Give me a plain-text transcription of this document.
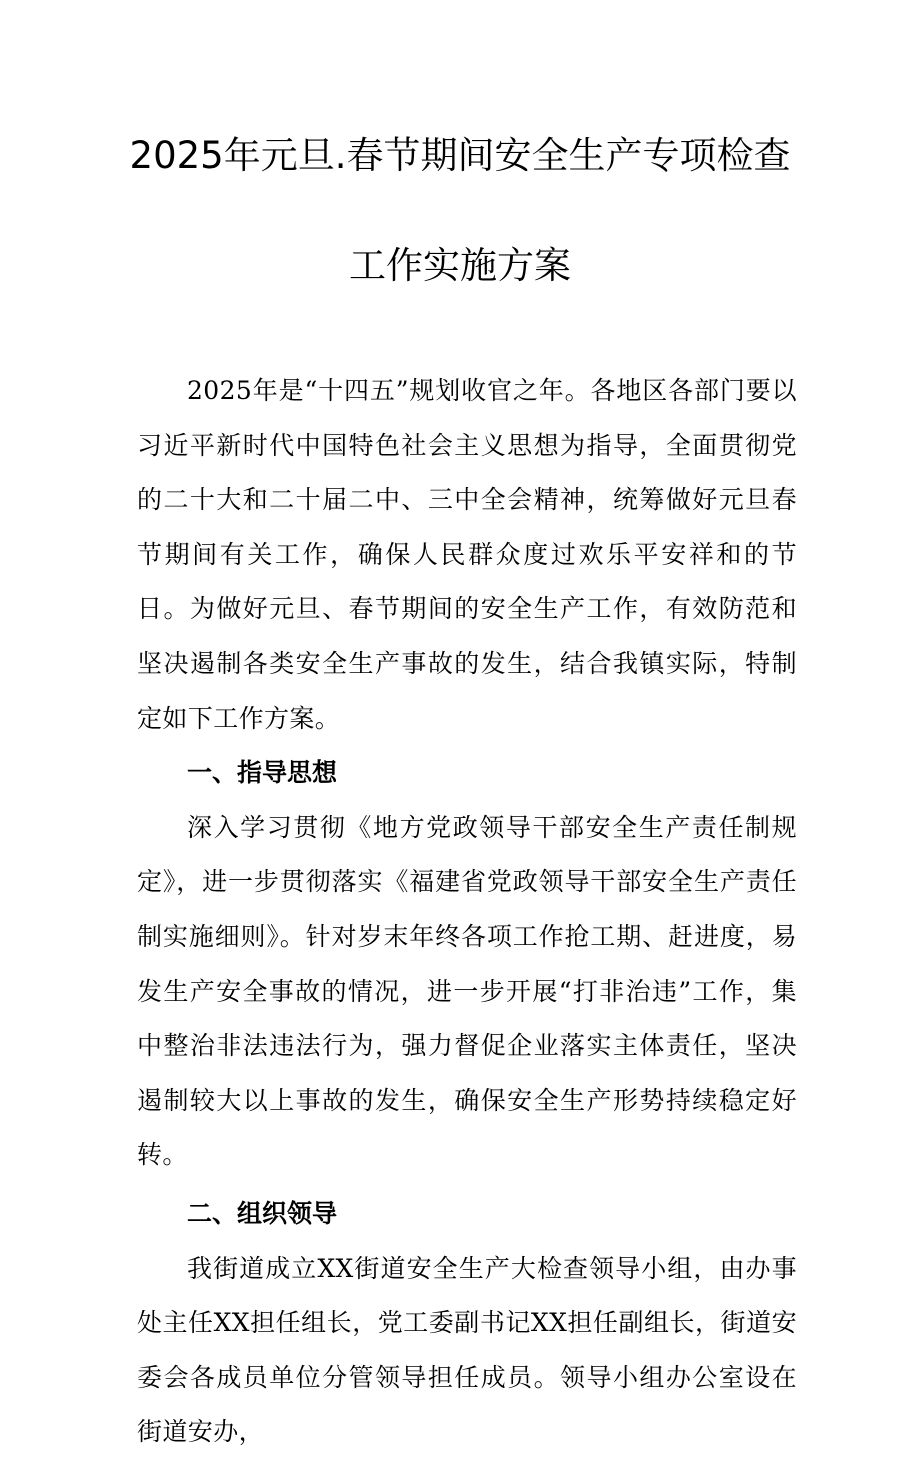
2025年元旦.春节期间安全生产专项检查
工作实施方案

2025年是“十四五”规划收官之年。各地区各部门要以习近平新时代中国特色社会主义思想为指导，全面贯彻党的二十大和二十届二中、三中全会精神，统筹做好元旦春节期间有关工作，确保人民群众度过欢乐平安祥和的节日。为做好元旦、春节期间的安全生产工作，有效防范和坚决遏制各类安全生产事故的发生，结合我镇实际，特制定如下工作方案。

一、指导思想

深入学习贯彻《地方党政领导干部安全生产责任制规定》，进一步贯彻落实《福建省党政领导干部安全生产责任制实施细则》。针对岁末年终各项工作抢工期、赶进度，易发生产安全事故的情况，进一步开展“打非治违”工作，集中整治非法违法行为，强力督促企业落实主体责任，坚决遏制较大以上事故的发生，确保安全生产形势持续稳定好转。

二、组织领导

我街道成立XX街道安全生产大检查领导小组，由办事处主任XX担任组长，党工委副书记XX担任副组长，街道安委会各成员单位分管领导担任成员。领导小组办公室设在街道安办，
